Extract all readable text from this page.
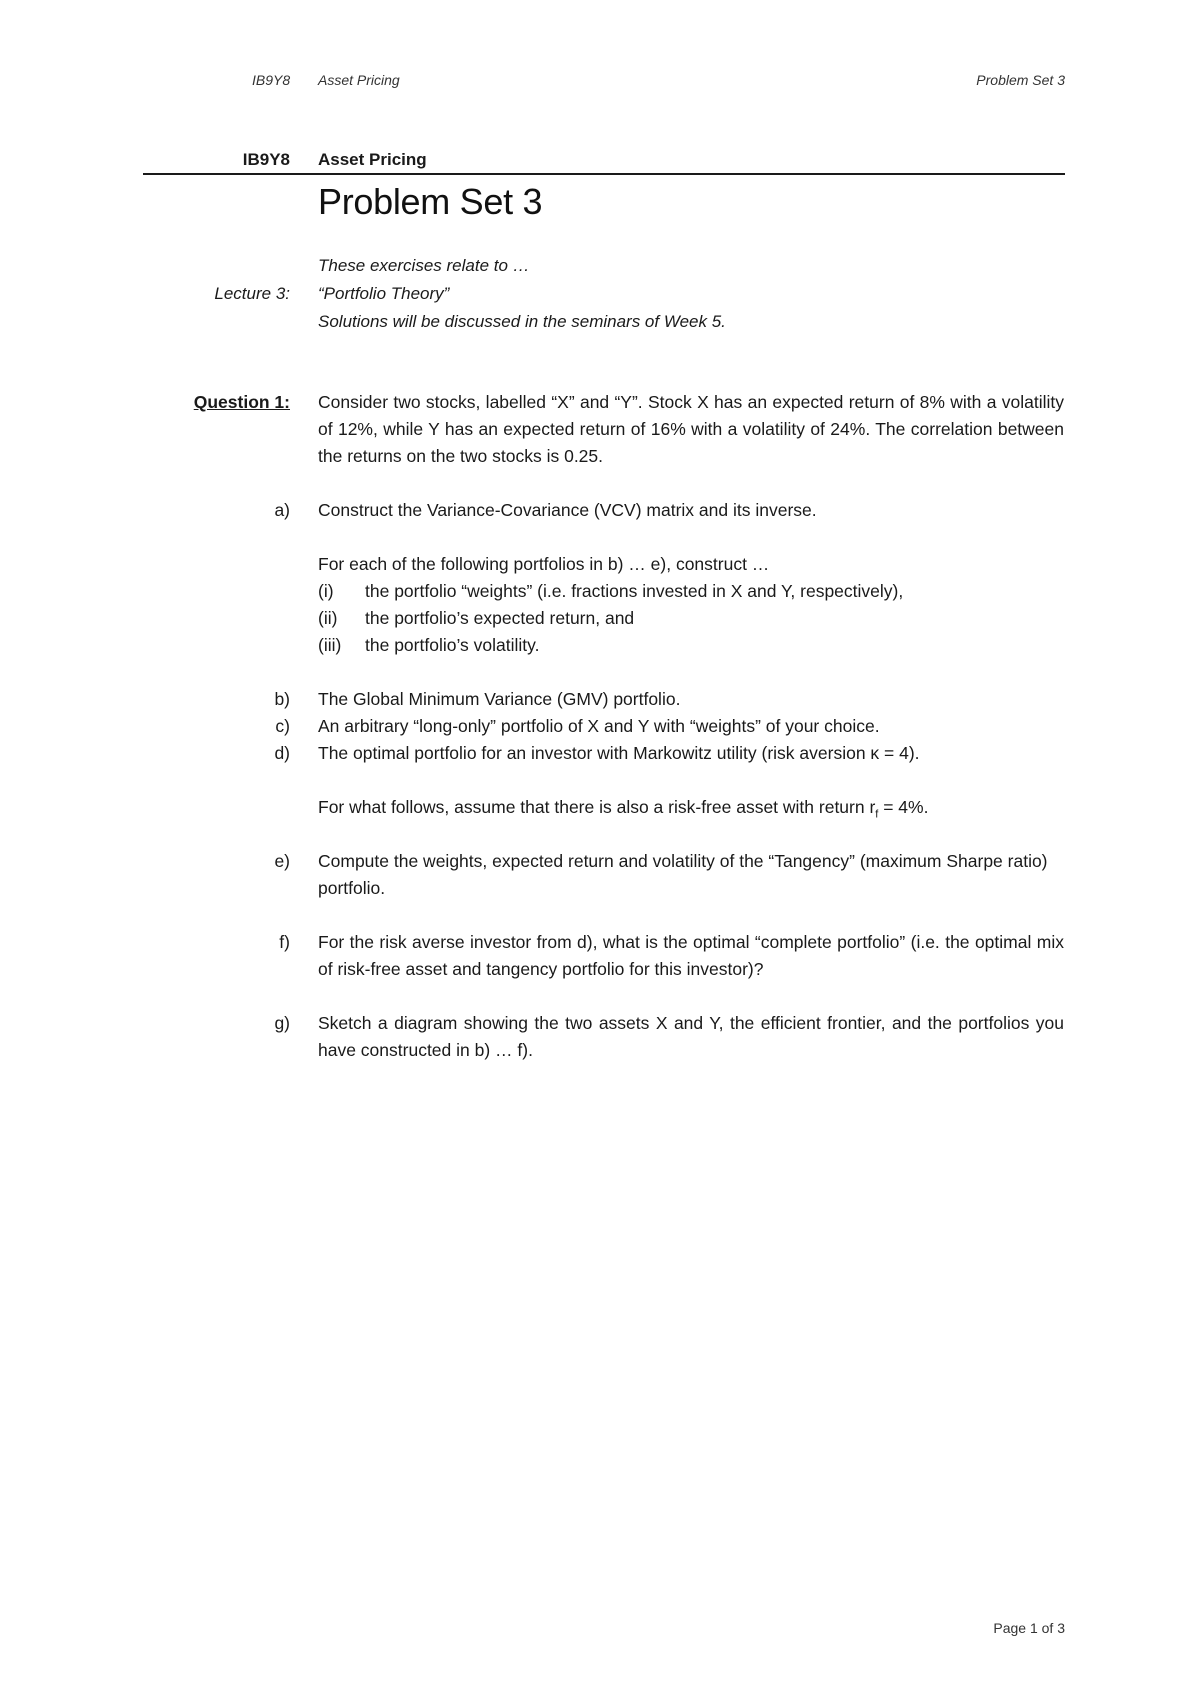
IB9Y8 Asset Pricing	Problem Set 3
IB9Y8 Asset Pricing
Problem Set 3
These exercises relate to …
Lecture 3: “Portfolio Theory”
Solutions will be discussed in the seminars of Week 5.
Question 1: Consider two stocks, labelled “X” and “Y”. Stock X has an expected return of 8% with a volatility of 12%, while Y has an expected return of 16% with a volatility of 24%. The correlation between the returns on the two stocks is 0.25.
a) Construct the Variance-Covariance (VCV) matrix and its inverse.
For each of the following portfolios in b) … e), construct …
(i) the portfolio “weights” (i.e. fractions invested in X and Y, respectively),
(ii) the portfolio’s expected return, and
(iii) the portfolio’s volatility.
b) The Global Minimum Variance (GMV) portfolio.
c) An arbitrary “long-only” portfolio of X and Y with “weights” of your choice.
d) The optimal portfolio for an investor with Markowitz utility (risk aversion κ = 4).
For what follows, assume that there is also a risk-free asset with return $r_f = 4\%$.
e) Compute the weights, expected return and volatility of the “Tangency” (maximum Sharpe ratio) portfolio.
f) For the risk averse investor from d), what is the optimal “complete portfolio” (i.e. the optimal mix of risk-free asset and tangency portfolio for this investor)?
g) Sketch a diagram showing the two assets X and Y, the efficient frontier, and the portfolios you have constructed in b) … f).
Page 1 of 3
